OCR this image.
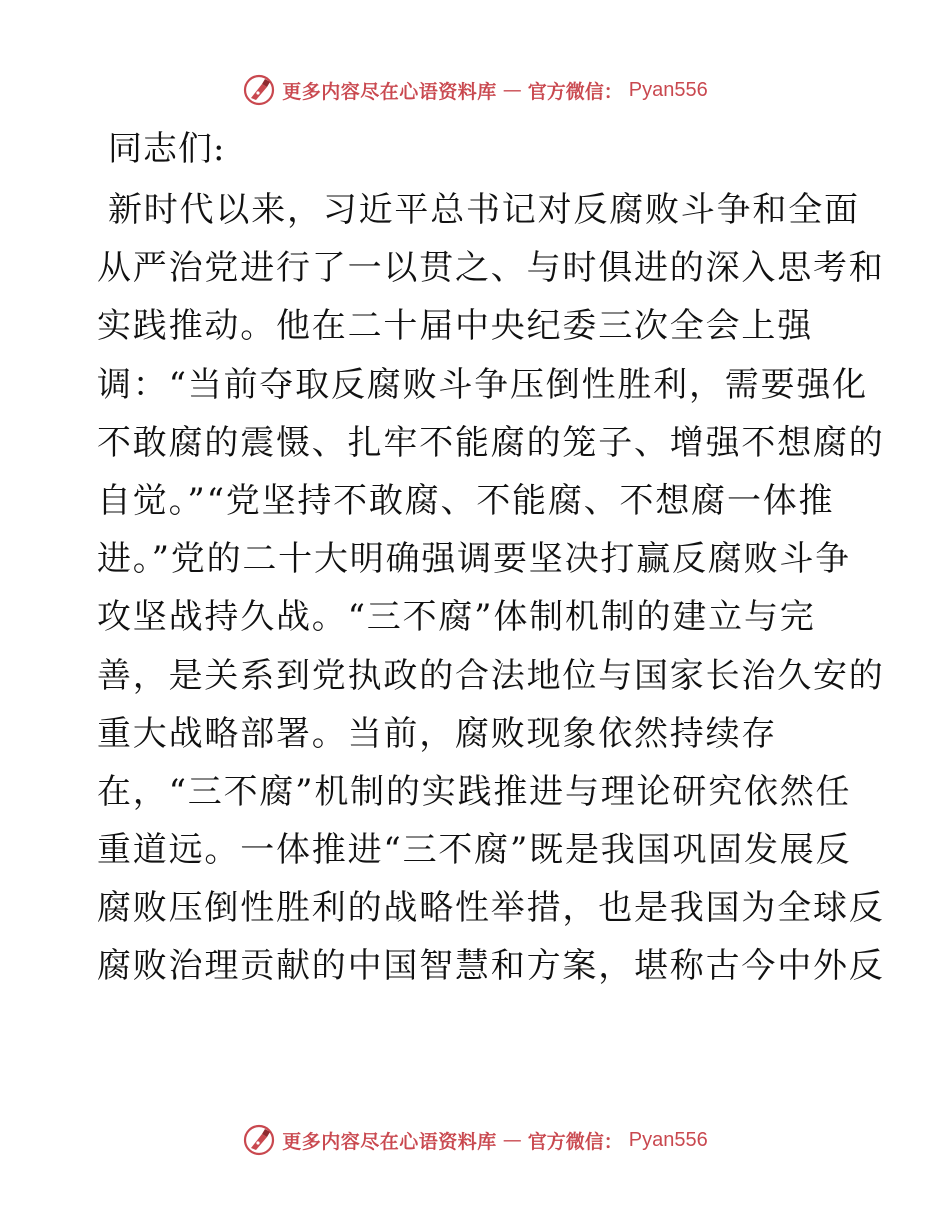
更多内容尽在心语资料库 — 官方微信： Pyan556

同志们:

新时代以来，习近平总书记对反腐败斗争和全面

从严治党进行了一以贯之、与时俱进的深入思考和

实践推动。他在二十届中央纪委三次全会上强

调：“当前夺取反腐败斗争压倒性胜利，需要强化

不敢腐的震慑、扎牢不能腐的笼子、增强不想腐的

自觉。”“党坚持不敢腐、不能腐、不想腐一体推

进。”党的二十大明确强调要坚决打赢反腐败斗争

攻坚战持久战。“三不腐”体制机制的建立与完

善，是关系到党执政的合法地位与国家长治久安的

重大战略部署。当前，腐败现象依然持续存

在，“三不腐”机制的实践推进与理论研究依然任

重道远。一体推进“三不腐”既是我国巩固发展反

腐败压倒性胜利的战略性举措，也是我国为全球反

腐败治理贡献的中国智慧和方案，堪称古今中外反

更多内容尽在心语资料库 — 官方微信： Pyan556
